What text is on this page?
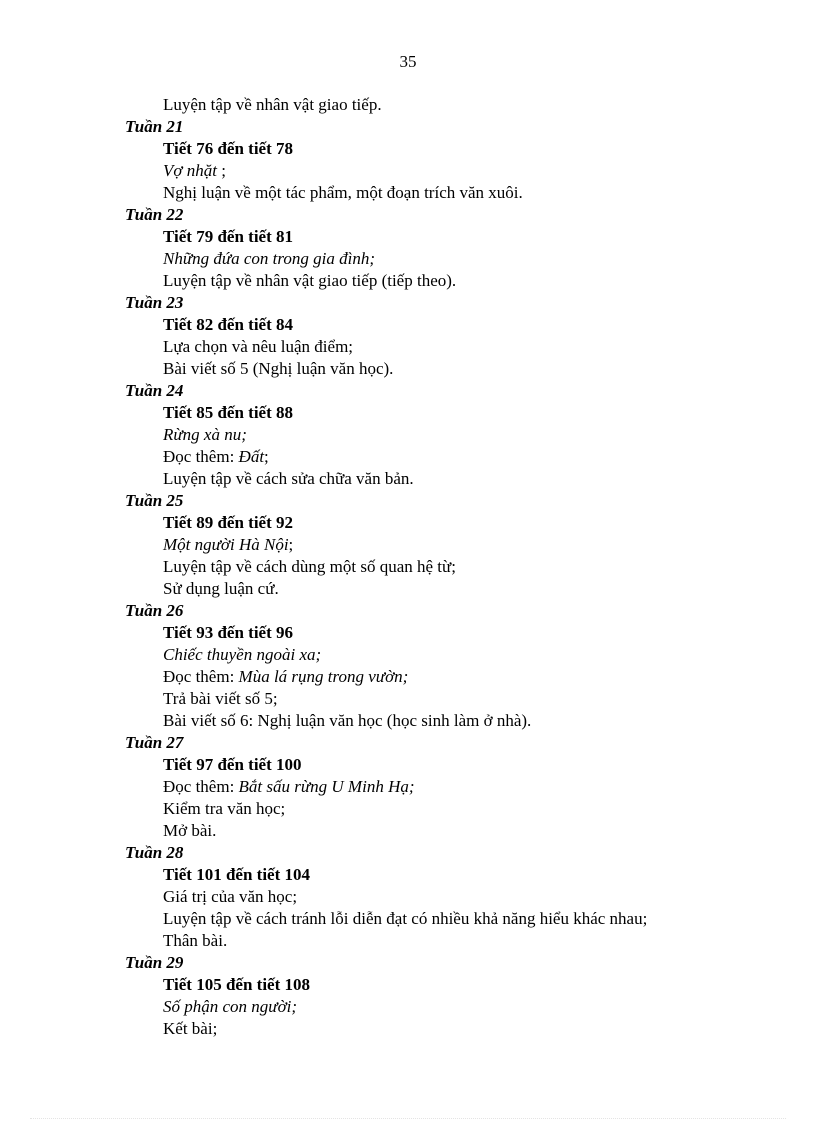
35
Luyện tập về nhân vật giao tiếp.
Tuần 21
Tiết 76 đến tiết 78
Vợ nhặt ;
Nghị luận về một tác phẩm, một đoạn trích văn xuôi.
Tuần 22
Tiết 79 đến tiết 81
Những đứa con trong gia đình;
Luyện tập về nhân vật giao tiếp (tiếp theo).
Tuần 23
Tiết 82 đến tiết 84
Lựa chọn và nêu luận điểm;
Bài viết số 5 (Nghị luận văn học).
Tuần 24
Tiết 85 đến tiết 88
Rừng xà nu;
Đọc thêm: Đất;
Luyện tập về cách sửa chữa văn bản.
Tuần 25
Tiết 89 đến tiết 92
Một người Hà Nội;
Luyện tập về cách dùng một số quan hệ từ;
Sử dụng luận cứ.
Tuần 26
Tiết 93 đến tiết 96
Chiếc thuyền ngoài xa;
Đọc thêm: Mùa lá rụng trong vườn;
Trả bài viết số 5;
Bài viết số 6: Nghị luận văn học (học sinh làm ở nhà).
Tuần 27
Tiết 97 đến tiết 100
Đọc thêm: Bắt sấu rừng U Minh Hạ;
Kiểm tra văn học;
Mở bài.
Tuần 28
Tiết 101 đến tiết 104
Giá trị của văn học;
Luyện tập về cách tránh lỗi diễn đạt có nhiều khả năng hiểu khác nhau;
Thân bài.
Tuần 29
Tiết 105 đến tiết 108
Số phận con người;
Kết bài;
